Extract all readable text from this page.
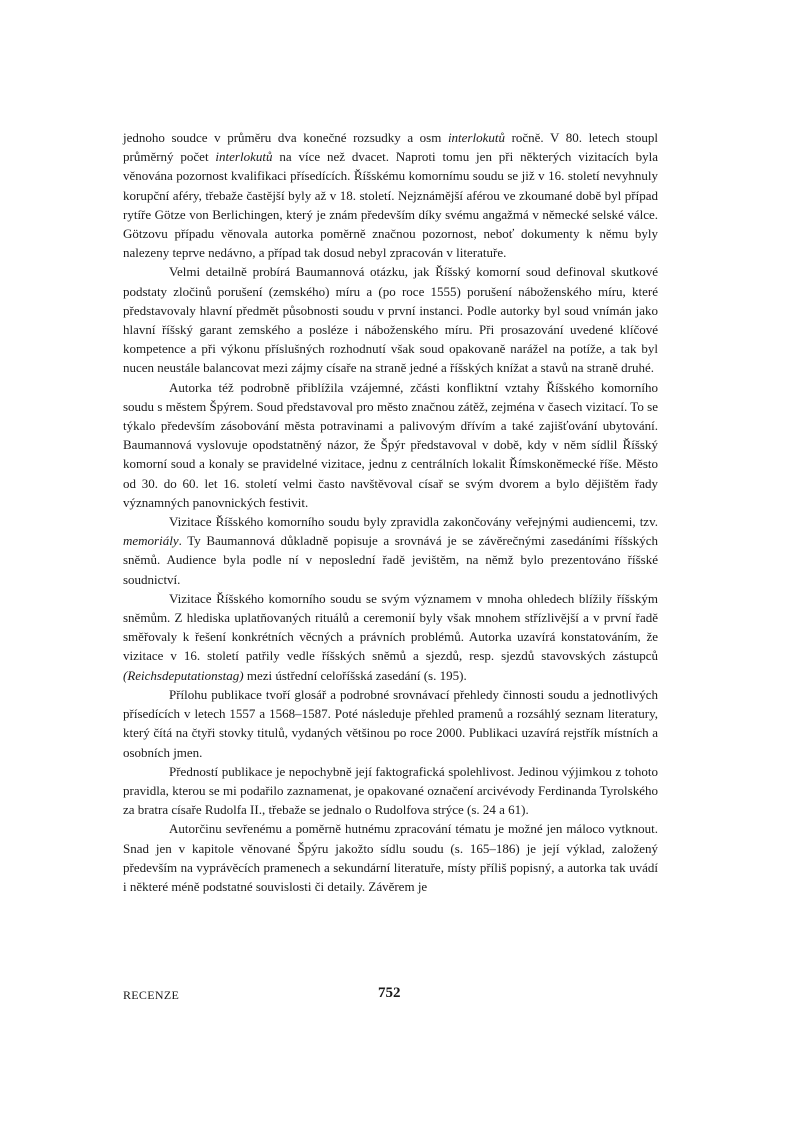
jednoho soudce v průměru dva konečné rozsudky a osm interlokutů ročně. V 80. letech stoupl průměrný počet interlokutů na více než dvacet. Naproti tomu jen při některých vizitacích byla věnována pozornost kvalifikaci přísedících. Říšskému komornímu soudu se již v 16. století nevyhnuly korupční aféry, třebaže častější byly až v 18. století. Nejznámější aférou ve zkoumané době byl případ rytíře Götze von Berlichingen, který je znám především díky svému angažmá v německé selské válce. Götzovu případu věnovala autorka poměrně značnou pozornost, neboť dokumenty k němu byly nalezeny teprve nedávno, a případ tak dosud nebyl zpracován v literatuře.

Velmi detailně probírá Baumannová otázku, jak Říšský komorní soud definoval skutkové podstaty zločinů porušení (zemského) míru a (po roce 1555) porušení náboženského míru, které představovaly hlavní předmět působnosti soudu v první instanci. Podle autorky byl soud vnímán jako hlavní říšský garant zemského a posléze i náboženského míru. Při prosazování uvedené klíčové kompetence a při výkonu příslušných rozhodnutí však soud opakovaně narážel na potíže, a tak byl nucen neustále balancovat mezi zájmy císaře na straně jedné a říšských knížat a stavů na straně druhé.

Autorka též podrobně přiblížila vzájemné, zčásti konfliktní vztahy Říšského komorního soudu s městem Špýrem. Soud představoval pro město značnou zátěž, zejména v časech vizitací. To se týkalo především zásobování města potravinami a palivovým dřívím a také zajišťování ubytování. Baumannová vyslovuje opodstatněný názor, že Špýr představoval v době, kdy v něm sídlil Říšský komorní soud a konaly se pravidelné vizitace, jednu z centrálních lokalit Římskoněmecké říše. Město od 30. do 60. let 16. století velmi často navštěvoval císař se svým dvorem a bylo dějištěm řady významných panovnických festivit.

Vizitace Říšského komorního soudu byly zpravidla zakončovány veřejnými audiencemi, tzv. memoriály. Ty Baumannová důkladně popisuje a srovnává je se závěrečnými zasedáními říšských sněmů. Audience byla podle ní v neposlední řadě jevištěm, na němž bylo prezentováno říšské soudnictví.

Vizitace Říšského komorního soudu se svým významem v mnoha ohledech blížily říšským sněmům. Z hlediska uplatňovaných rituálů a ceremonií byly však mnohem střízlivější a v první řadě směřovaly k řešení konkrétních věcných a právních problémů. Autorka uzavírá konstatováním, že vizitace v 16. století patřily vedle říšských sněmů a sjezdů, resp. sjezdů stavovských zástupců (Reichsdeputationstag) mezi ústřední celoříšská zasedání (s. 195).

Přílohu publikace tvoří glosář a podrobné srovnávací přehledy činnosti soudu a jednotlivých přísedících v letech 1557 a 1568–1587. Poté následuje přehled pramenů a rozsáhlý seznam literatury, který čítá na čtyři stovky titulů, vydaných většinou po roce 2000. Publikaci uzavírá rejstřík místních a osobních jmen.

Předností publikace je nepochybně její faktografická spolehlivost. Jedinou výjimkou z tohoto pravidla, kterou se mi podařilo zaznamenat, je opakované označení arcivévody Ferdinanda Tyrolského za bratra císaře Rudolfa II., třebaže se jednalo o Rudolfova strýce (s. 24 a 61).

Autorčinu sevřenému a poměrně hutnému zpracování tématu je možné jen máloco vytknout. Snad jen v kapitole věnované Špýru jakožto sídlu soudu (s. 165–186) je její výklad, založený především na vyprávěcích pramenech a sekundární literatuře, místy příliš popisný, a autorka tak uvádí i některé méně podstatné souvislosti či detaily. Závěrem je

RECENZE	752
